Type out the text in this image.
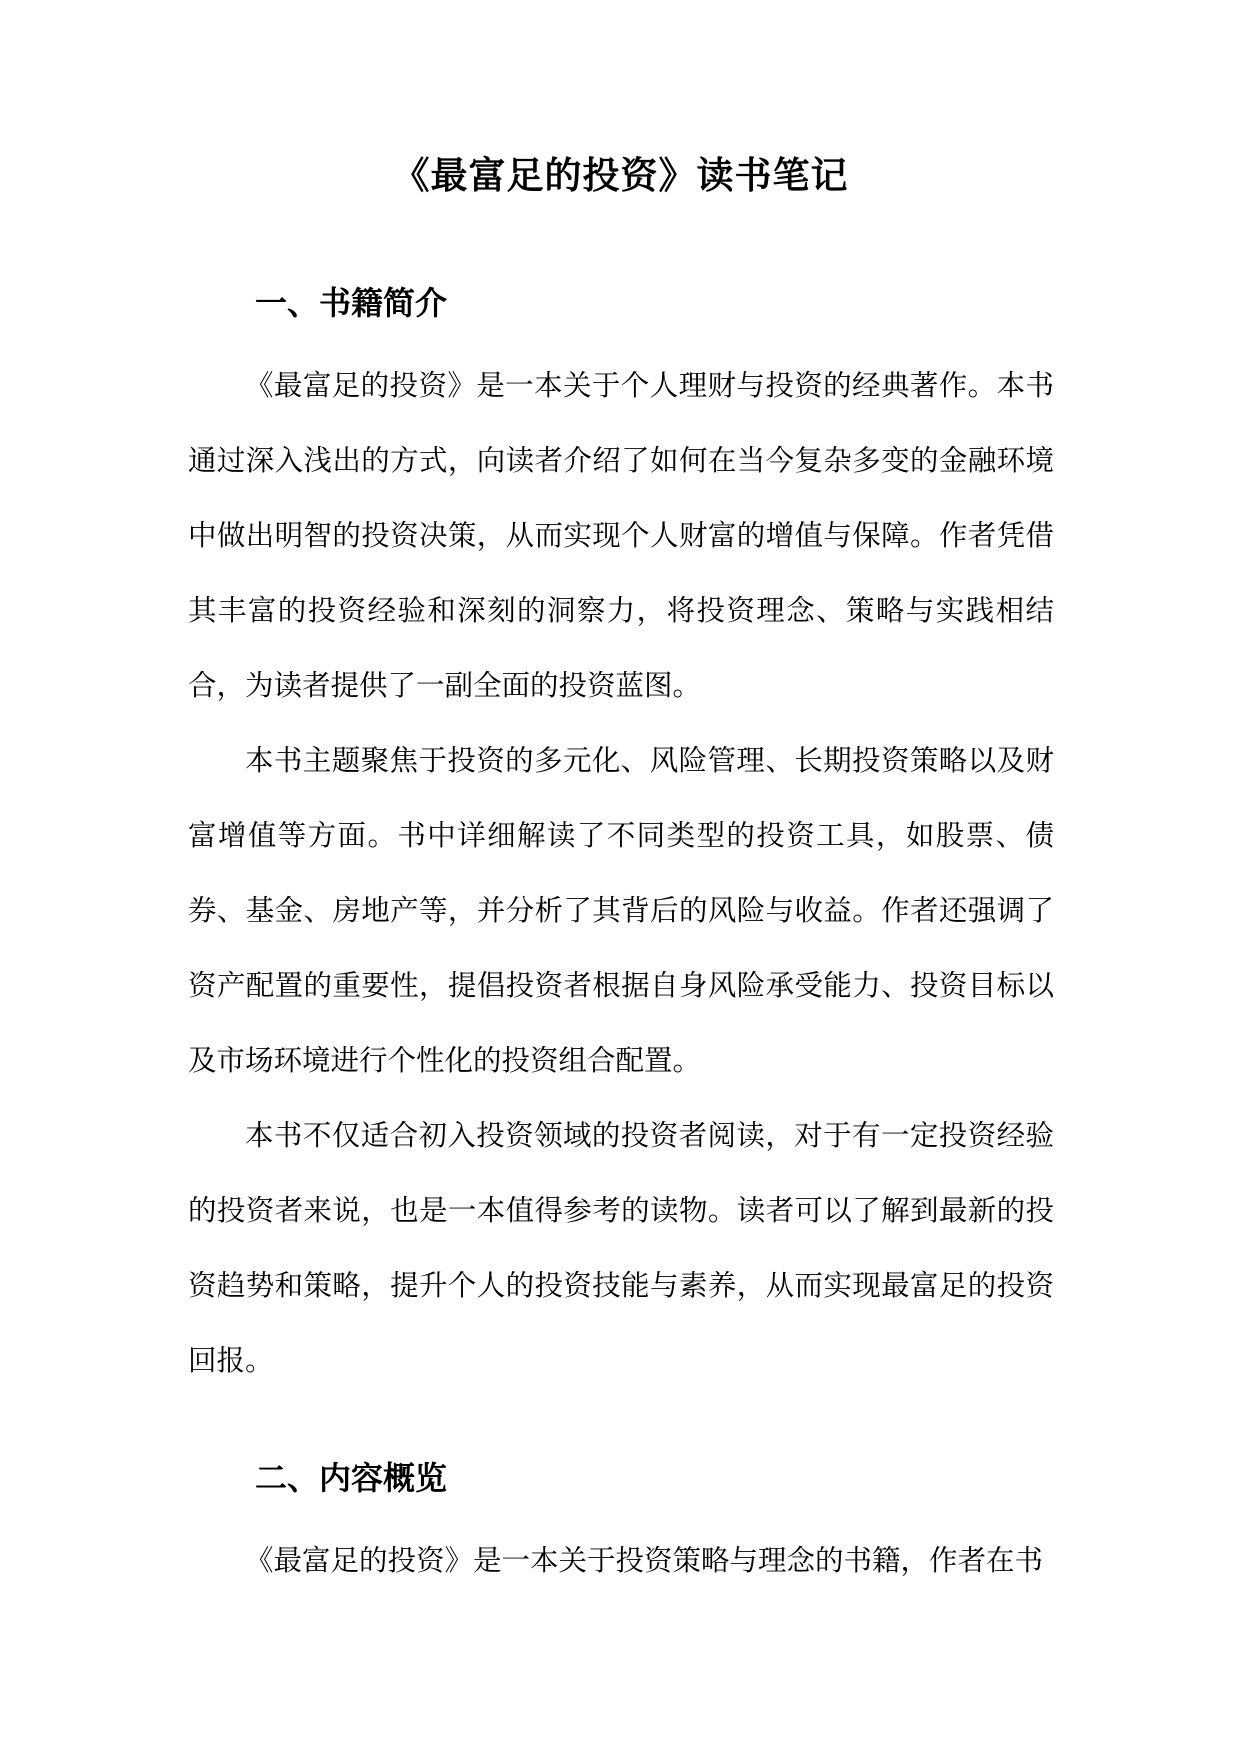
《最富足的投资》读书笔记
一、书籍简介

《最富足的投资》是一本关于个人理财与投资的经典著作。本书通过深入浅出的方式，向读者介绍了如何在当今复杂多变的金融环境中做出明智的投资决策，从而实现个人财富的增值与保障。作者凭借其丰富的投资经验和深刻的洞察力，将投资理念、策略与实践相结合，为读者提供了一副全面的投资蓝图。

本书主题聚焦于投资的多元化、风险管理、长期投资策略以及财富增值等方面。书中详细解读了不同类型的投资工具，如股票、债券、基金、房地产等，并分析了其背后的风险与收益。作者还强调了资产配置的重要性，提倡投资者根据自身风险承受能力、投资目标以及市场环境进行个性化的投资组合配置。

本书不仅适合初入投资领域的投资者阅读，对于有一定投资经验的投资者来说，也是一本值得参考的读物。读者可以了解到最新的投资趋势和策略，提升个人的投资技能与素养，从而实现最富足的投资回报。

二、内容概览

《最富足的投资》是一本关于投资策略与理念的书籍，作者在书
